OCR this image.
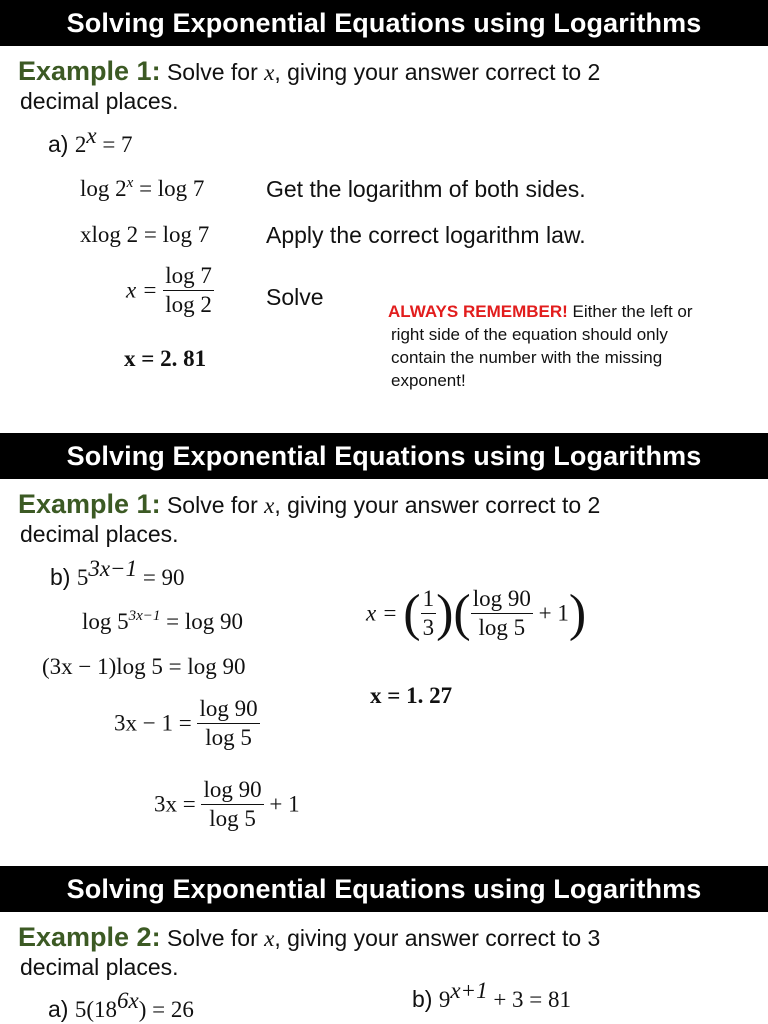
Solving Exponential Equations using Logarithms
Example 1: Solve for x, giving your answer correct to 2
decimal places.
a) $2^x = 7$
$\log 2^x = \log 7$	Get the logarithm of both sides.
xlog 2 = log 7 Apply the correct logarithm law.
$x = \frac{\log 7}{\log 2}$ Solve
x = 2. 81
ALWAYS REMEMBER! Either the left or
right side of the equation should only
contain the number with the missing
exponent!
Solving Exponential Equations using Logarithms
Example 1: Solve for x, giving your answer correct to 2
decimal places.
b) $5^{3x-1} = 90$
$\log 5^{3x-1} = \log 90$
(3x − 1)log 5 = log 90
$3x - 1 = \frac{\log 90}{\log 5}$
$3x = \frac{\log 90}{\log 5} + 1$
x = ( $\frac{1}{3}$ )( $\frac{\log 90}{\log 5} + 1$)
x = 1. 27
Solving Exponential Equations using Logarithms
Example 2: Solve for x, giving your answer correct to 3
decimal places.
a) $5(18^{6x}) = 26$	b) $9^{x+1} + 3 = 81$
